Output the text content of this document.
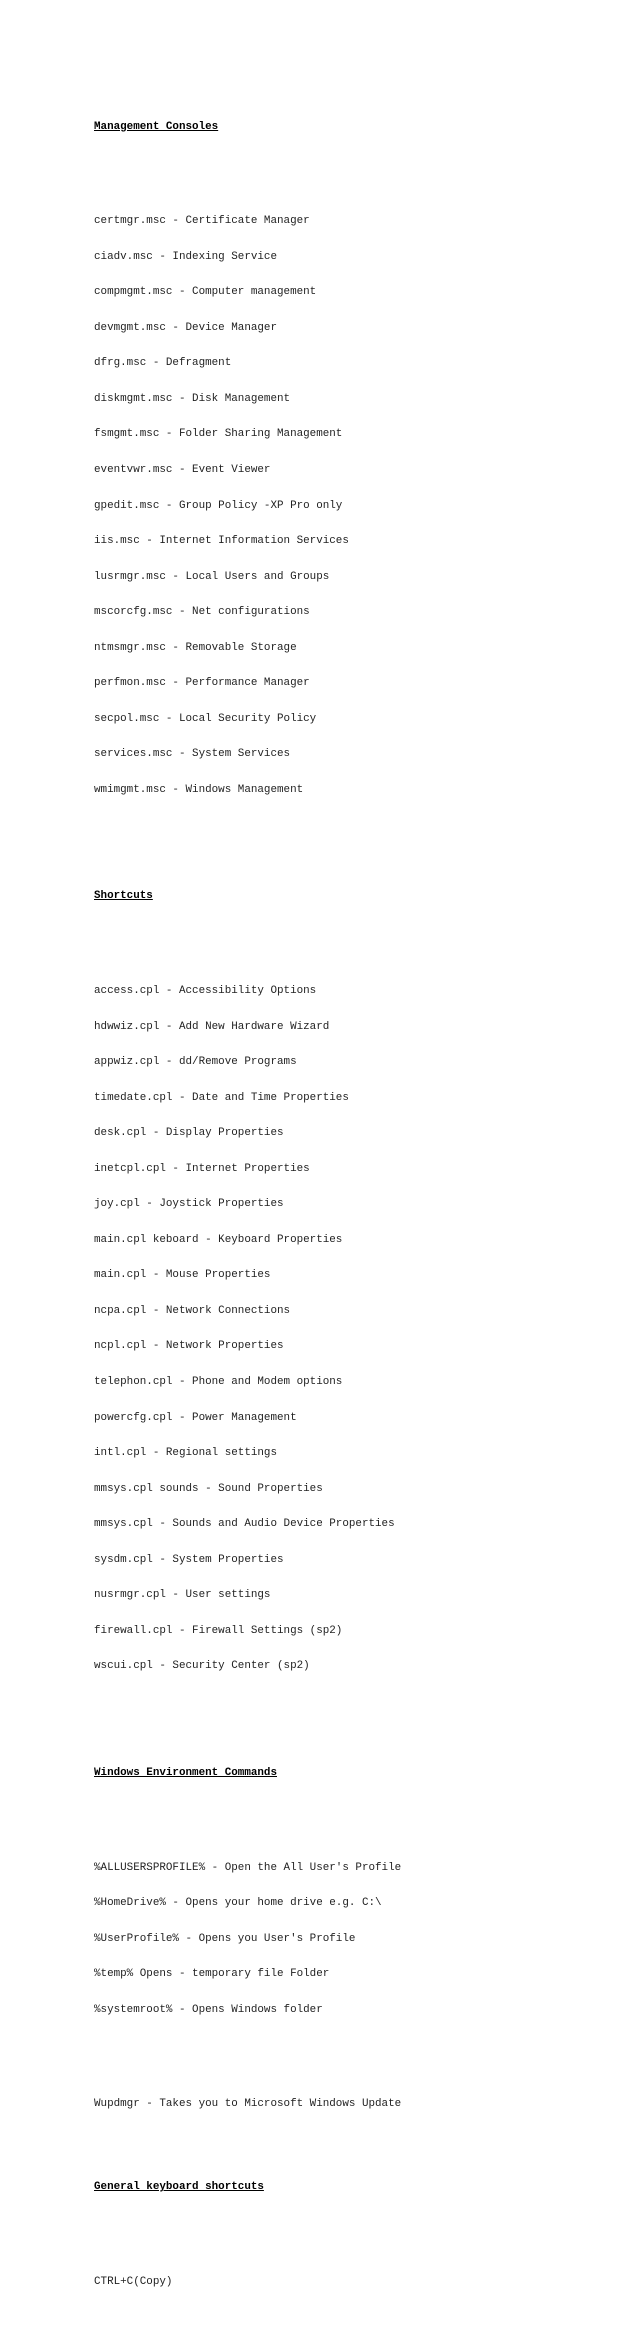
Management Consoles

certmgr.msc - Certificate Manager

ciadv.msc - Indexing Service

compmgmt.msc - Computer management

devmgmt.msc - Device Manager

dfrg.msc - Defragment

diskmgmt.msc - Disk Management

fsmgmt.msc - Folder Sharing Management

eventvwr.msc - Event Viewer

gpedit.msc - Group Policy -XP Pro only

iis.msc - Internet Information Services

lusrmgr.msc - Local Users and Groups

mscorcfg.msc - Net configurations

ntmsmgr.msc - Removable Storage

perfmon.msc - Performance Manager

secpol.msc - Local Security Policy

services.msc - System Services

wmimgmt.msc - Windows Management

Shortcuts

access.cpl - Accessibility Options

hdwwiz.cpl - Add New Hardware Wizard

appwiz.cpl - dd/Remove Programs

timedate.cpl - Date and Time Properties

desk.cpl - Display Properties

inetcpl.cpl - Internet Properties

joy.cpl - Joystick Properties

main.cpl keboard - Keyboard Properties

main.cpl - Mouse Properties

ncpa.cpl - Network Connections

ncpl.cpl - Network Properties

telephon.cpl - Phone and Modem options

powercfg.cpl - Power Management

intl.cpl - Regional settings

mmsys.cpl sounds - Sound Properties

mmsys.cpl - Sounds and Audio Device Properties

sysdm.cpl - System Properties

nusrmgr.cpl - User settings

firewall.cpl - Firewall Settings (sp2)

wscui.cpl - Security Center (sp2)

Windows Environment Commands

%ALLUSERSPROFILE% - Open the All User's Profile

%HomeDrive% - Opens your home drive e.g. C:\

%UserProfile% - Opens you User's Profile

%temp% Opens - temporary file Folder

%systemroot% - Opens Windows folder

Wupdmgr - Takes you to Microsoft Windows Update

General keyboard shortcuts

CTRL+C(Copy)
